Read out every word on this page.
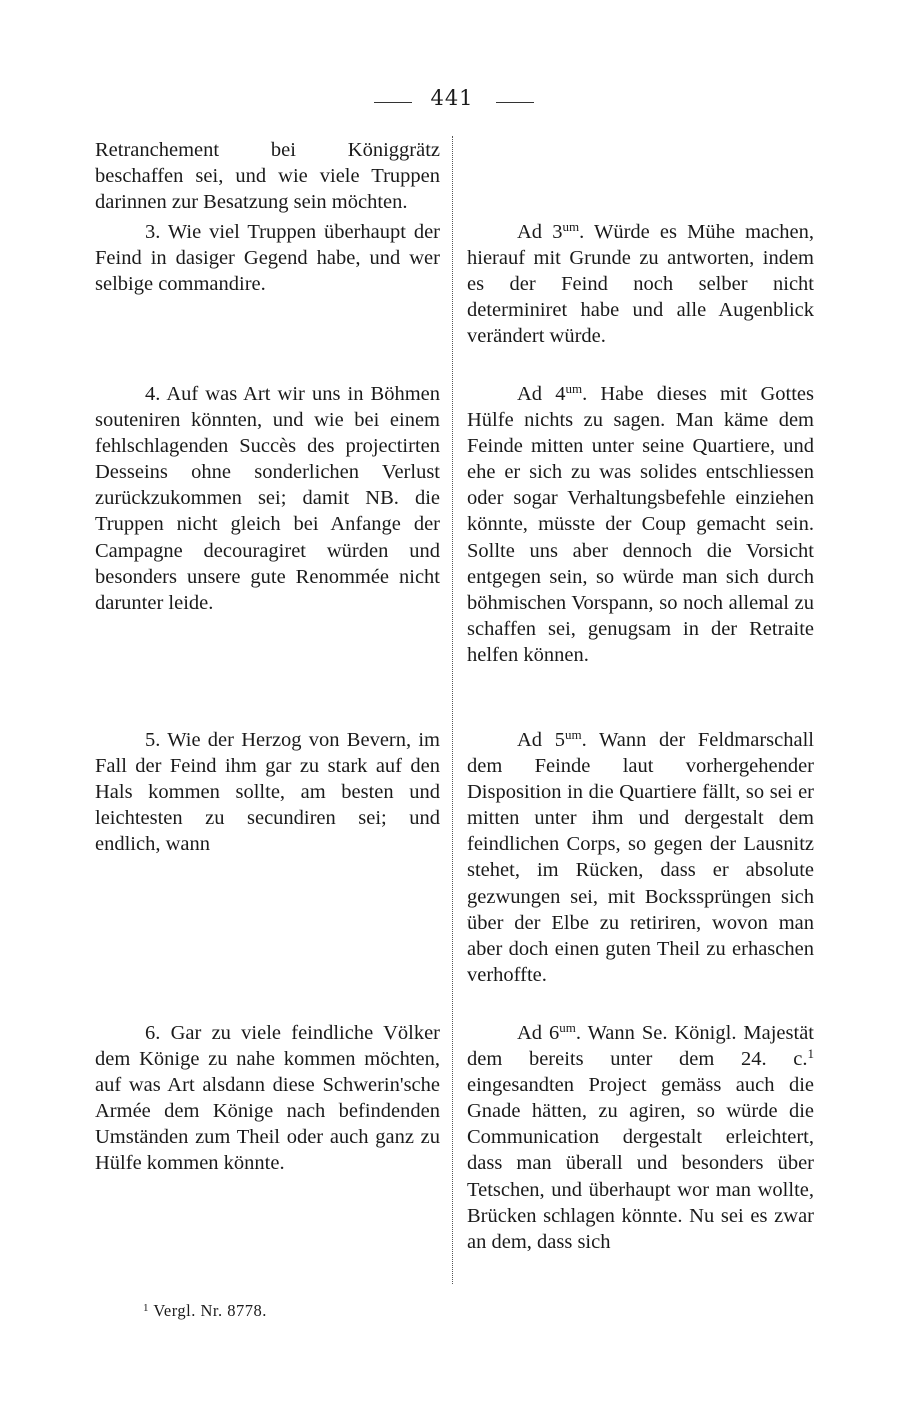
441

Retranchement bei Königgrätz beschaffen sei, und wie viele Truppen darinnen zur Besatzung sein möchten.

3. Wie viel Truppen überhaupt der Feind in dasiger Gegend habe, und wer selbige commandire.

4. Auf was Art wir uns in Böhmen souteniren könnten, und wie bei einem fehlschlagenden Succès des projectirten Desseins ohne sonderlichen Verlust zurückzukommen sei; damit NB. die Truppen nicht gleich bei Anfange der Campagne decouragiret würden und besonders unsere gute Renommée nicht darunter leide.

5. Wie der Herzog von Bevern, im Fall der Feind ihm gar zu stark auf den Hals kommen sollte, am besten und leichtesten zu secundiren sei; und endlich, wann

6. Gar zu viele feindliche Völker dem Könige zu nahe kommen möchten, auf was Art alsdann diese Schwerin'sche Armée dem Könige nach befindenden Umständen zum Theil oder auch ganz zu Hülfe kommen könnte.

Ad $3^{um}$. Würde es Mühe machen, hierauf mit Grunde zu antworten, indem es der Feind noch selber nicht determiniret habe und alle Augenblick verändert würde.

Ad $4^{um}$. Habe dieses mit Gottes Hülfe nichts zu sagen. Man käme dem Feinde mitten unter seine Quartiere, und ehe er sich zu was solides entschliessen oder sogar Verhaltungsbefehle einziehen könnte, müsste der Coup gemacht sein. Sollte uns aber dennoch die Vorsicht entgegen sein, so würde man sich durch böhmischen Vorspann, so noch allemal zu schaffen sei, genugsam in der Retraite helfen können.

Ad $5^{um}$. Wann der Feldmarschall dem Feinde laut vorhergehender Disposition in die Quartiere fällt, so sei er mitten unter ihm und dergestalt dem feindlichen Corps, so gegen der Lausnitz stehet, im Rücken, dass er absolute gezwungen sei, mit Bockssprüngen sich über der Elbe zu retiriren, wovon man aber doch einen guten Theil zu erhaschen verhoffte.

Ad $6^{um}$. Wann Se. Königl. Majestät dem bereits unter dem 24. c.$^1$ eingesandten Project gemäss auch die Gnade hätten, zu agiren, so würde die Communication dergestalt erleichtert, dass man überall und besonders über Tetschen, und überhaupt wor man wollte, Brücken schlagen könnte. Nu sei es zwar an dem, dass sich

$^1$ Vergl. Nr. 8778.
